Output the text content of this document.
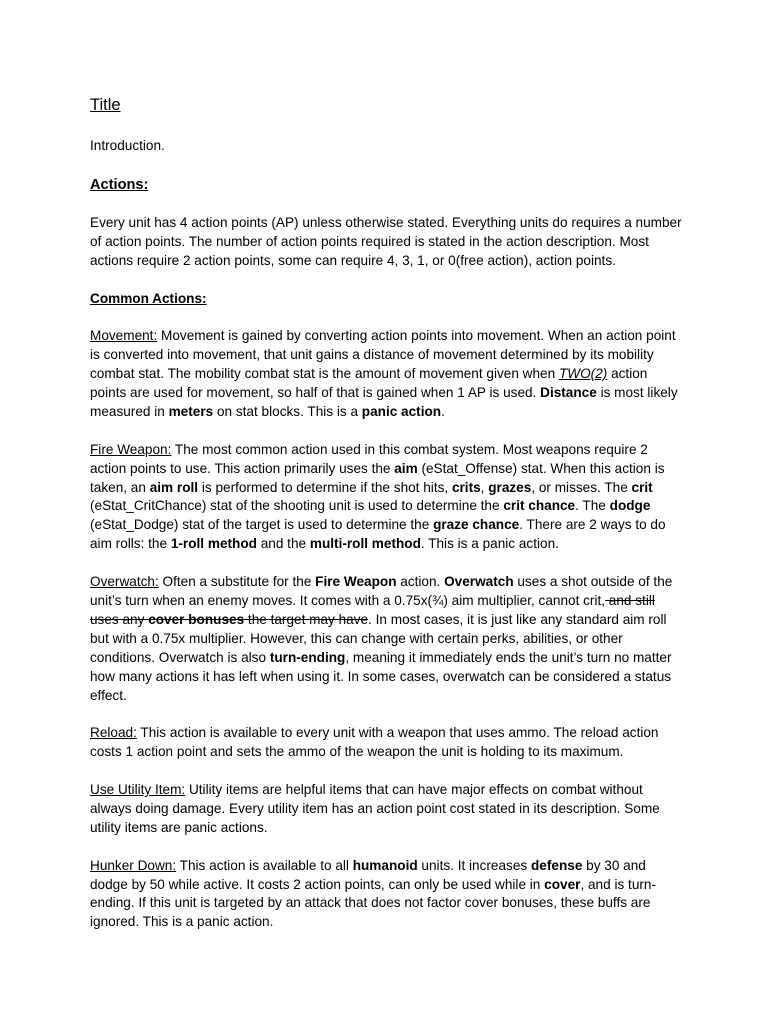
Title
Introduction.
Actions:

Every unit has 4 action points (AP) unless otherwise stated. Everything units do requires a number of action points. The number of action points required is stated in the action description. Most actions require 2 action points, some can require 4, 3, 1, or 0(free action), action points.

Common Actions:

Movement: Movement is gained by converting action points into movement. When an action point is converted into movement, that unit gains a distance of movement determined by its mobility combat stat. The mobility combat stat is the amount of movement given when TWO(2) action points are used for movement, so half of that is gained when 1 AP is used. Distance is most likely measured in meters on stat blocks. This is a panic action.

Fire Weapon: The most common action used in this combat system. Most weapons require 2 action points to use. This action primarily uses the aim (eStat_Offense) stat. When this action is taken, an aim roll is performed to determine if the shot hits, crits, grazes, or misses. The crit (eStat_CritChance) stat of the shooting unit is used to determine the crit chance. The dodge (eStat_Dodge) stat of the target is used to determine the graze chance. There are 2 ways to do aim rolls: the 1-roll method and the multi-roll method. This is a panic action.

Overwatch: Often a substitute for the Fire Weapon action. Overwatch uses a shot outside of the unit’s turn when an enemy moves. It comes with a 0.75x(¾) aim multiplier, cannot crit, and still uses any cover bonuses the target may have. In most cases, it is just like any standard aim roll but with a 0.75x multiplier. However, this can change with certain perks, abilities, or other conditions. Overwatch is also turn-ending, meaning it immediately ends the unit’s turn no matter how many actions it has left when using it. In some cases, overwatch can be considered a status effect.

Reload: This action is available to every unit with a weapon that uses ammo. The reload action costs 1 action point and sets the ammo of the weapon the unit is holding to its maximum.

Use Utility Item: Utility items are helpful items that can have major effects on combat without always doing damage. Every utility item has an action point cost stated in its description. Some utility items are panic actions.

Hunker Down: This action is available to all humanoid units. It increases defense by 30 and dodge by 50 while active. It costs 2 action points, can only be used while in cover, and is turn-ending. If this unit is targeted by an attack that does not factor cover bonuses, these buffs are ignored. This is a panic action.
